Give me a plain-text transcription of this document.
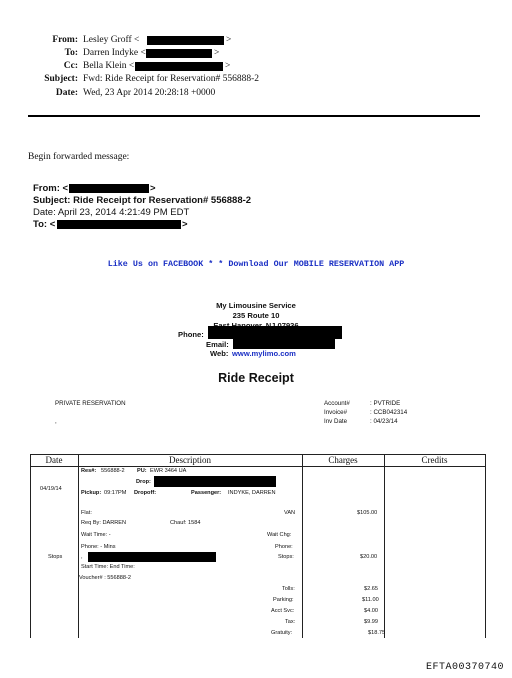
From: Lesley Groff <	>
To: Darren Indyke <	>
Cc: Bella Klein <	>
Subject: Fwd: Ride Receipt for Reservation# 556888-2
Date: Wed, 23 Apr 2014 20:28:18 +0000
Begin forwarded message:
From: <	>
Subject: Ride Receipt for Reservation# 556888-2
Date: April 23, 2014 4:21:49 PM EDT
To: <	>
Like Us on FACEBOOK * * Download Our MOBILE RESERVATION APP
My Limousine Service
235 Route 10
Phone:
Email:
Web: www.mylimo.com
Ride Receipt
PRIVATE RESERVATION
,
Account#	: PVTRIDE
Invoice#	: CCB042314
Inv Date	: 04/23/14
Date	Description	Charges	Credits
04/19/14
Res#: 556888-2 PU: EWR 3464 UA
Drop:
Pickup: 09:17PM Dropoff:	Passenger: INDYKE, DARREN
Flat:	VAN	$105.00
Req By: DARREN	Chauf: 1584
Wait Time: -	Wait Chg:
Phone: - Mins	Phone:
Stops	,	Stops:	$20.00
Start Time: End Time:
Voucher# : 556888-2
Tolls:	$2.65
Parking:	$11.00
Acct Svc:	$4.00
Tax:	$9.99
Gratuity:	$18.75
EFTA00370740
